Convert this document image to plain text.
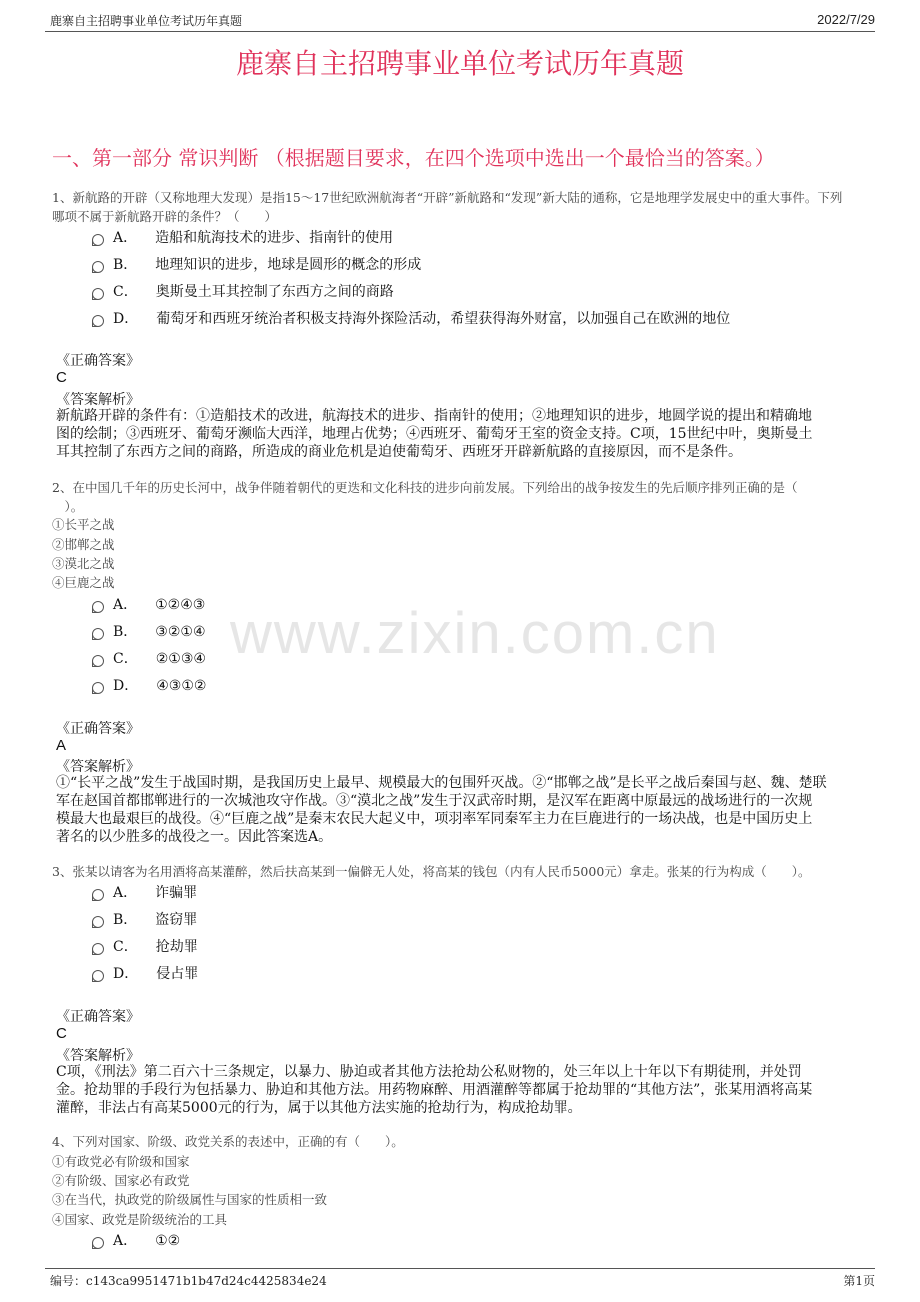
鹿寨自主招聘事业单位考试历年真题	2022/7/29
鹿寨自主招聘事业单位考试历年真题
一、第一部分 常识判断 （根据题目要求，在四个选项中选出一个最恰当的答案。）
www.zixin.com.cn
1、新航路的开辟（又称地理大发现）是指15～17世纪欧洲航海者“开辟”新航路和“发现”新大陆的通称，它是地理学发展史中的重大事件。下列
哪项不属于新航路开辟的条件？（　　）
A． 造船和航海技术的进步、指南针的使用
B． 地理知识的进步，地球是圆形的概念的形成
C． 奥斯曼土耳其控制了东西方之间的商路
D． 葡萄牙和西班牙统治者积极支持海外探险活动，希望获得海外财富，以加强自己在欧洲的地位
《正确答案》
C
《答案解析》
新航路开辟的条件有：①造船技术的改进，航海技术的进步、指南针的使用；②地理知识的进步，地圆学说的提出和精确地
图的绘制；③西班牙、葡萄牙濒临大西洋，地理占优势；④西班牙、葡萄牙王室的资金支持。C项，15世纪中叶，奥斯曼土
耳其控制了东西方之间的商路，所造成的商业危机是迫使葡萄牙、西班牙开辟新航路的直接原因，而不是条件。
2、在中国几千年的历史长河中，战争伴随着朝代的更迭和文化科技的进步向前发展。下列给出的战争按发生的先后顺序排列正确的是（
　）。
①长平之战
②邯郸之战
③漠北之战
④巨鹿之战
A． ①②④③
B． ③②①④
C． ②①③④
D． ④③①②
《正确答案》
A
《答案解析》
①“长平之战”发生于战国时期，是我国历史上最早、规模最大的包围歼灭战。②“邯郸之战”是长平之战后秦国与赵、魏、楚联
军在赵国首都邯郸进行的一次城池攻守作战。③“漠北之战”发生于汉武帝时期，是汉军在距离中原最远的战场进行的一次规
模最大也最艰巨的战役。④“巨鹿之战”是秦末农民大起义中，项羽率军同秦军主力在巨鹿进行的一场决战，也是中国历史上
著名的以少胜多的战役之一。因此答案选A。
3、张某以请客为名用酒将高某灌醉，然后扶高某到一偏僻无人处，将高某的钱包（内有人民币5000元）拿走。张某的行为构成（　　）。
A． 诈骗罪
B． 盗窃罪
C． 抢劫罪
D． 侵占罪
《正确答案》
C
《答案解析》
C项，《刑法》第二百六十三条规定，以暴力、胁迫或者其他方法抢劫公私财物的，处三年以上十年以下有期徒刑，并处罚
金。抢劫罪的手段行为包括暴力、胁迫和其他方法。用药物麻醉、用酒灌醉等都属于抢劫罪的“其他方法”，张某用酒将高某
灌醉，非法占有高某5000元的行为，属于以其他方法实施的抢劫行为，构成抢劫罪。
4、下列对国家、阶级、政党关系的表述中，正确的有（　　）。
①有政党必有阶级和国家
②有阶级、国家必有政党
③在当代，执政党的阶级属性与国家的性质相一致
④国家、政党是阶级统治的工具
A． ①②
编号：c143ca9951471b1b47d24c4425834e24	第1页
